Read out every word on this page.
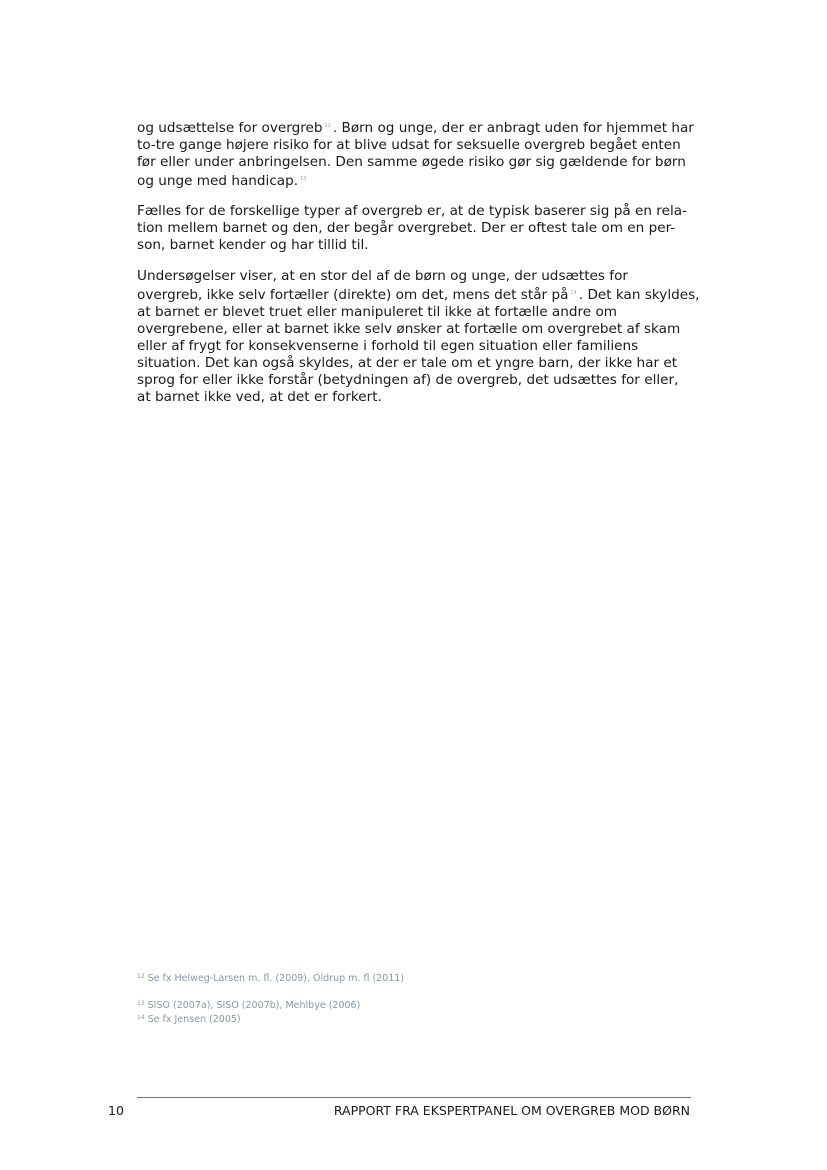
og udsættelse for overgreb $^{12}$ . Børn og unge, der er anbragt uden for hjemmet har
to-tre gange højere risiko for at blive udsat for seksuelle overgreb begået enten
før eller under anbringelsen. Den samme øgede risiko gør sig gældende for børn
og unge med handicap. $^{13}$
Fælles for de forskellige typer af overgreb er, at de typisk baserer sig på en rela-
tion mellem barnet og den, der begår overgrebet. Der er oftest tale om en per-
son, barnet kender og har tillid til.
Undersøgelser viser, at en stor del af de børn og unge, der udsættes for
overgreb, ikke selv fortæller (direkte) om det, mens det står på $^{14}$ . Det kan skyldes,
at barnet er blevet truet eller manipuleret til ikke at fortælle andre om
overgrebene, eller at barnet ikke selv ønsker at fortælle om overgrebet af skam
eller af frygt for konsekvenserne i forhold til egen situation eller familiens
situation. Det kan også skyldes, at der er tale om et yngre barn, der ikke har et
sprog for eller ikke forstår (betydningen af) de overgreb, det udsættes for eller,
at barnet ikke ved, at det er forkert.
$^{12}$ Se fx Helweg-Larsen m. fl. (2009), Oldrup m. fl (2011)
$^{13}$ SISO (2007a), SISO (2007b), Mehlbye (2006)
$^{14}$ Se fx Jensen (2005)
10	RAPPORT FRA EKSPERTPANEL OM OVERGREB MOD BØRN
